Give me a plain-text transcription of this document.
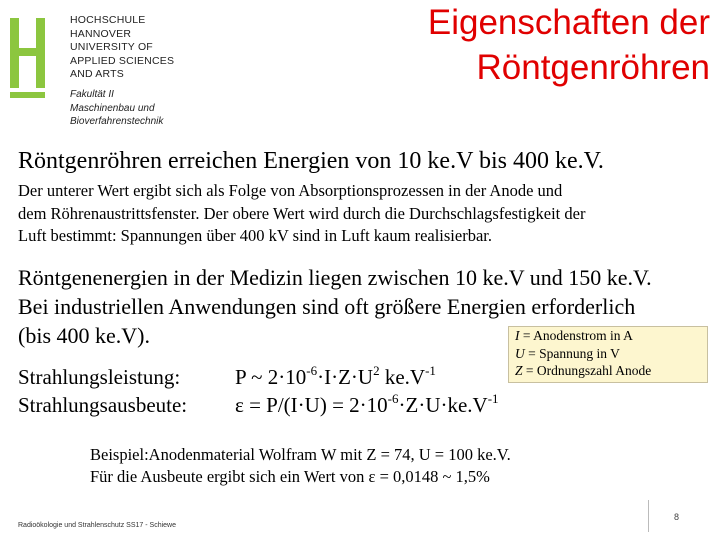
HOCHSCHULE
HANNOVER
UNIVERSITY OF
APPLIED SCIENCES
AND ARTS
Fakultät II
Maschinenbau und
Bioverfahrenstechnik
Eigenschaften der
Röntgenröhren
Röntgenröhren erreichen Energien von 10 ke.V bis 400 ke.V.
Der unterer Wert ergibt sich als Folge von Absorptionsprozessen in der Anode und
dem Röhrenaustrittsfenster. Der obere Wert wird durch die Durchschlagsfestigkeit der
Luft bestimmt: Spannungen über 400 kV sind in Luft kaum realisierbar.
Röntgenenergien in der Medizin liegen zwischen 10 ke.V und 150 ke.V.
Bei industriellen Anwendungen sind oft größere Energien erforderlich
(bis 400 ke.V).	I = Anodenstrom in A
U = Spannung in V
Z = Ordnungszahl Anode
Strahlungsleistung:	P ~ $2\cdot 10^{-6}\cdot I\cdot Z\cdot U^2$ $ke.V^{-1}$
Strahlungsausbeute: $\varepsilon = P/(I\cdot U) = 2\cdot 10^{-6}\cdot Z\cdot U\cdot ke.V^{-1}$
Beispiel:Anodenmaterial Wolfram W mit Z = 74, U = 100 ke.V.
Für die Ausbeute ergibt sich ein Wert von ε = 0,0148 ~ 1,5%
Radioökologie und Strahlenschutz SS17 - Schiewe
8
